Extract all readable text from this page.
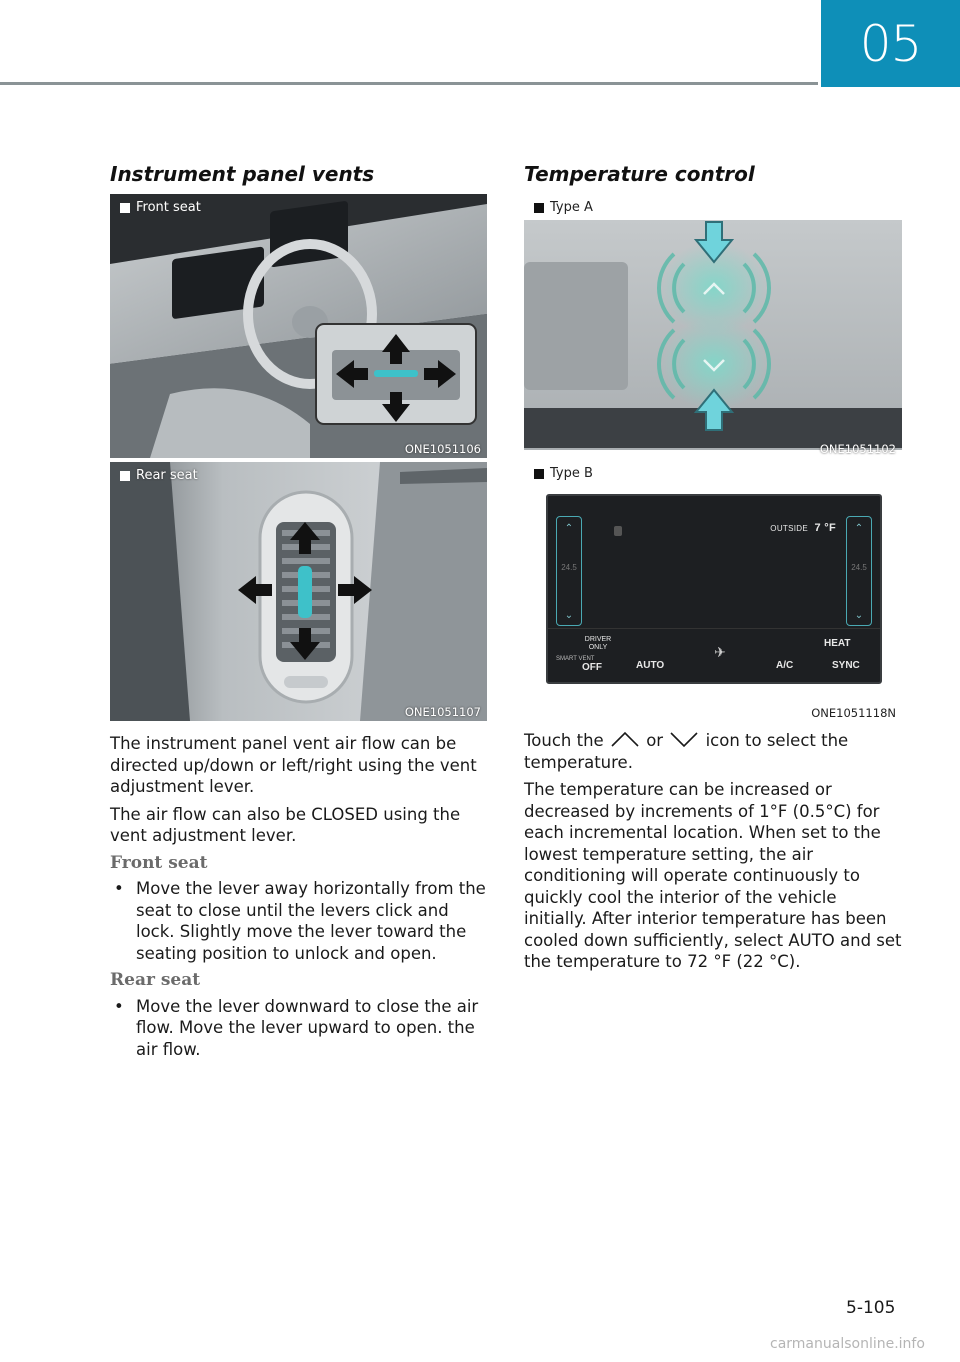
05
Instrument panel vents
Front seat
ONE1051106
Rear seat
ONE1051107

The instrument panel vent air flow can be directed up/down or left/right using the vent adjustment lever.

The air flow can also be CLOSED using the vent adjustment lever.

Front seat

• Move the lever away horizontally from the seat to close until the levers click and lock. Slightly move the lever toward the seating position to unlock and open.

Rear seat

• Move the lever downward to close the air flow. Move the lever upward to open. the air flow.

Temperature control
Type A
ONE1051102
Type B
⌃
24.5
⌄
⌃
24.5
⌄
OUTSIDE 7 °F
DRIVER ONLY
SMART VENT
OFF	AUTO
✈
A/C
HEAT
SYNC
ONE1051118N

Touch the	or	icon to select the temperature.

The temperature can be increased or decreased by increments of 1°F (0.5°C) for each incremental location. When set to the lowest temperature setting, the air conditioning will operate continuously to quickly cool the interior of the vehicle initially. After interior temperature has been cooled down sufficiently, select AUTO and set the temperature to 72 °F (22 °C).

5-105
carmanualsonline.info
